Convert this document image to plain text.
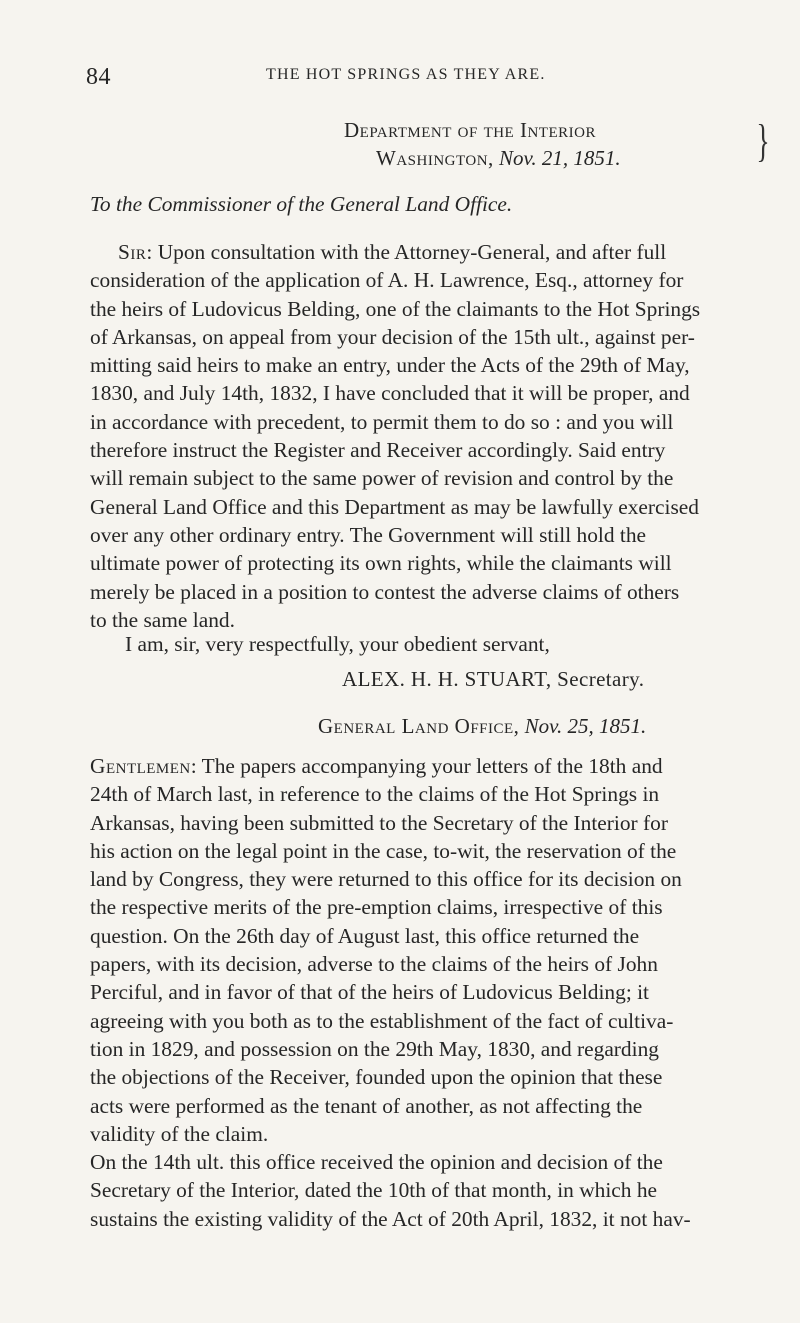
84	THE HOT SPRINGS AS THEY ARE.
Department of the Interior
Washington, Nov. 21, 1851.	}
To the Commissioner of the General Land Office.
Sir: Upon consultation with the Attorney-General, and after full
consideration of the application of A. H. Lawrence, Esq., attorney for
the heirs of Ludovicus Belding, one of the claimants to the Hot Springs
of Arkansas, on appeal from your decision of the 15th ult., against per-
mitting said heirs to make an entry, under the Acts of the 29th of May,
1830, and July 14th, 1832, I have concluded that it will be proper, and
in accordance with precedent, to permit them to do so : and you will
therefore instruct the Register and Receiver accordingly. Said entry
will remain subject to the same power of revision and control by the
General Land Office and this Department as may be lawfully exercised
over any other ordinary entry. The Government will still hold the
ultimate power of protecting its own rights, while the claimants will
merely be placed in a position to contest the adverse claims of others
to the same land.
I am, sir, very respectfully, your obedient servant,
ALEX. H. H. STUART, Secretary.
General Land Office, Nov. 25, 1851.
Gentlemen: The papers accompanying your letters of the 18th and
24th of March last, in reference to the claims of the Hot Springs in
Arkansas, having been submitted to the Secretary of the Interior for
his action on the legal point in the case, to-wit, the reservation of the
land by Congress, they were returned to this office for its decision on
the respective merits of the pre-emption claims, irrespective of this
question. On the 26th day of August last, this office returned the
papers, with its decision, adverse to the claims of the heirs of John
Perciful, and in favor of that of the heirs of Ludovicus Belding; it
agreeing with you both as to the establishment of the fact of cultiva-
tion in 1829, and possession on the 29th May, 1830, and regarding
the objections of the Receiver, founded upon the opinion that these
acts were performed as the tenant of another, as not affecting the
validity of the claim.
On the 14th ult. this office received the opinion and decision of the
Secretary of the Interior, dated the 10th of that month, in which he
sustains the existing validity of the Act of 20th April, 1832, it not hav-
